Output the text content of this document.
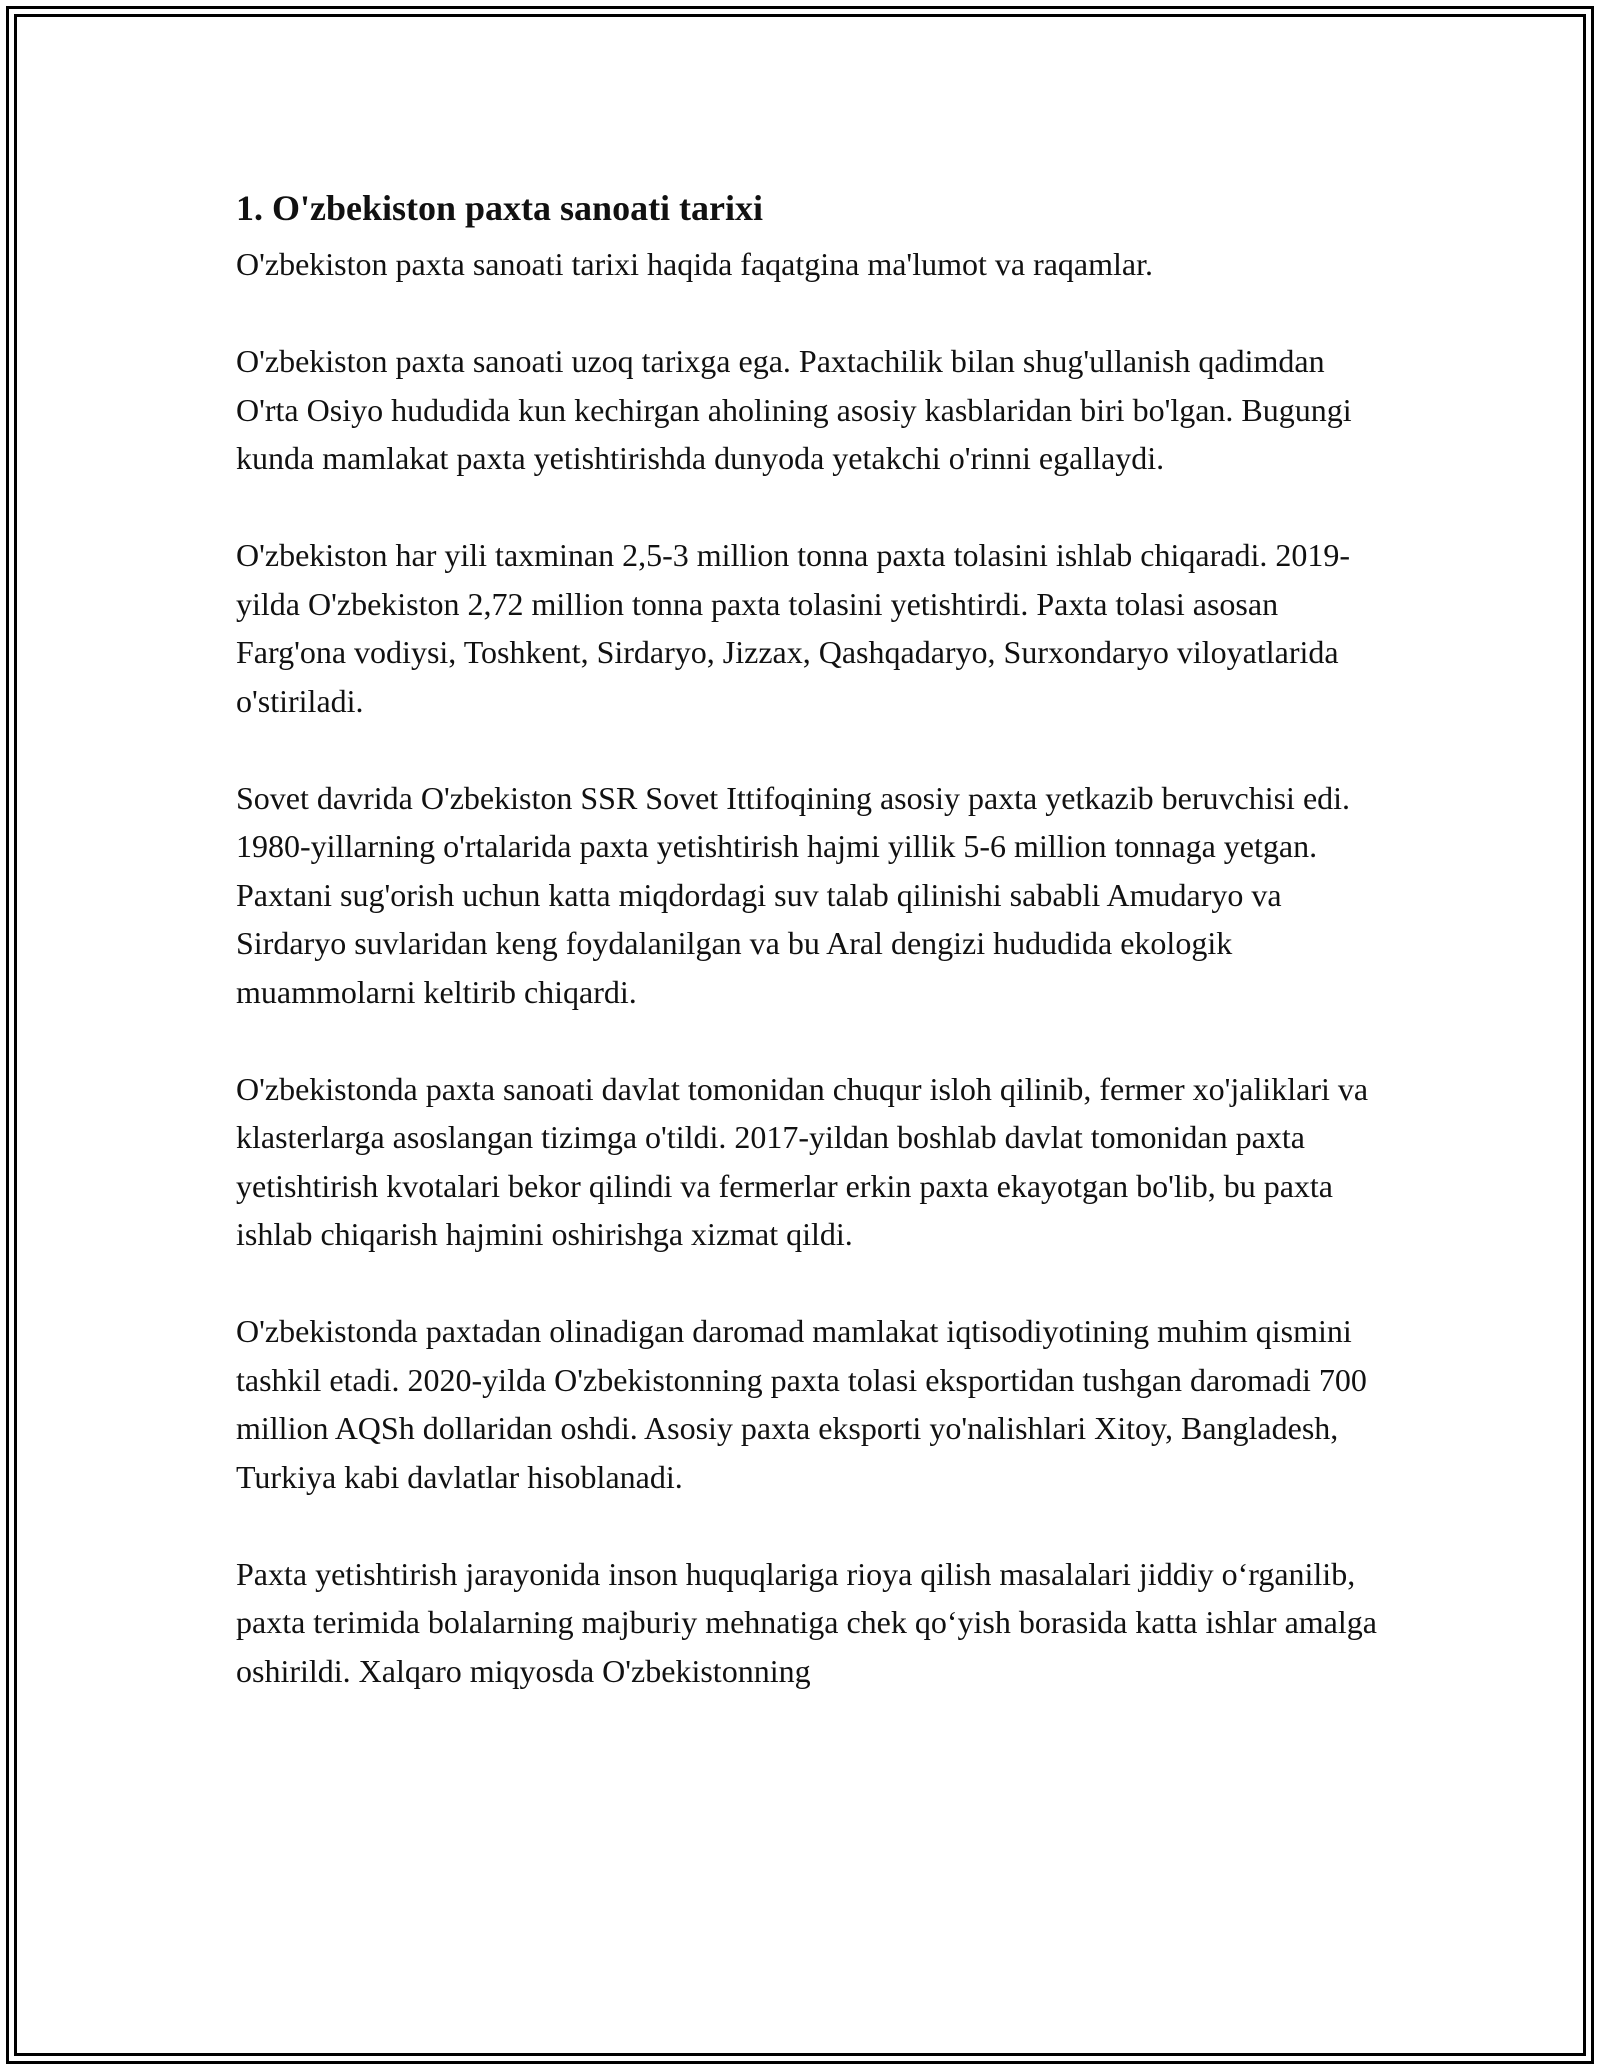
1. O'zbekiston paxta sanoati tarixi

O'zbekiston paxta sanoati tarixi haqida faqatgina ma'lumot va raqamlar.

O'zbekiston paxta sanoati uzoq tarixga ega. Paxtachilik bilan shug'ullanish qadimdan O'rta Osiyo hududida kun kechirgan aholining asosiy kasblaridan biri bo'lgan. Bugungi kunda mamlakat paxta yetishtirishda dunyoda yetakchi o'rinni egallaydi.

O'zbekiston har yili taxminan 2,5-3 million tonna paxta tolasini ishlab chiqaradi. 2019-yilda O'zbekiston 2,72 million tonna paxta tolasini yetishtirdi. Paxta tolasi asosan Farg'ona vodiysi, Toshkent, Sirdaryo, Jizzax, Qashqadaryo, Surxondaryo viloyatlarida o'stiriladi.

Sovet davrida O'zbekiston SSR Sovet Ittifoqining asosiy paxta yetkazib beruvchisi edi. 1980-yillarning o'rtalarida paxta yetishtirish hajmi yillik 5-6 million tonnaga yetgan. Paxtani sug'orish uchun katta miqdordagi suv talab qilinishi sababli Amudaryo va Sirdaryo suvlaridan keng foydalanilgan va bu Aral dengizi hududida ekologik muammolarni keltirib chiqardi.

O'zbekistonda paxta sanoati davlat tomonidan chuqur isloh qilinib, fermer xo'jaliklari va klasterlarga asoslangan tizimga o'tildi. 2017-yildan boshlab davlat tomonidan paxta yetishtirish kvotalari bekor qilindi va fermerlar erkin paxta ekayotgan bo'lib, bu paxta ishlab chiqarish hajmini oshirishga xizmat qildi.

O'zbekistonda paxtadan olinadigan daromad mamlakat iqtisodiyotining muhim qismini tashkil etadi. 2020-yilda O'zbekistonning paxta tolasi eksportidan tushgan daromadi 700 million AQSh dollaridan oshdi. Asosiy paxta eksporti yo'nalishlari Xitoy, Bangladesh, Turkiya kabi davlatlar hisoblanadi.

Paxta yetishtirish jarayonida inson huquqlariga rioya qilish masalalari jiddiy o‘rganilib, paxta terimida bolalarning majburiy mehnatiga chek qo‘yish borasida katta ishlar amalga oshirildi. Xalqaro miqyosda O'zbekistonning
